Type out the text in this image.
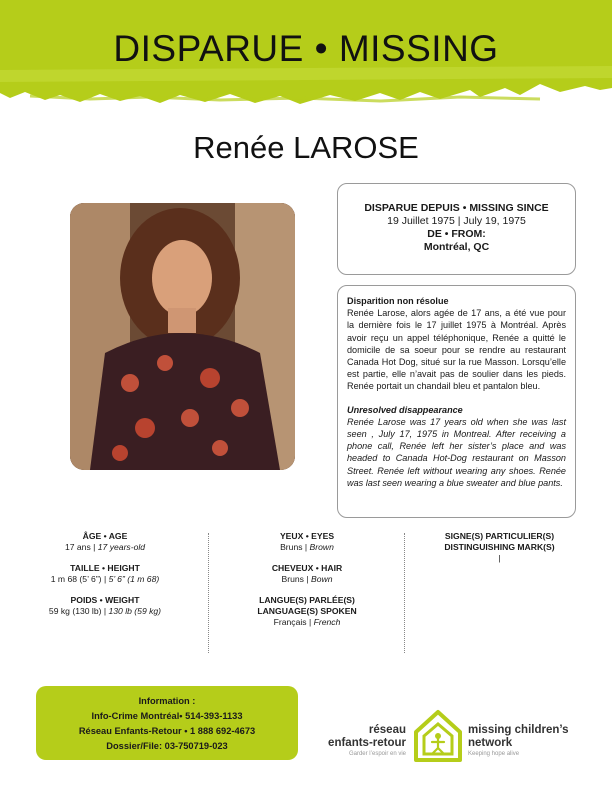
DISPARUE • MISSING
Renée LAROSE
DISPARUE DEPUIS • MISSING SINCE
19 Juillet 1975 | July 19, 1975
DE • FROM:
Montréal, QC

Disparition non résolue

Renée Larose, alors agée de 17 ans, a été vue pour la dernière fois le 17 juillet 1975 à Montréal. Après avoir reçu un appel téléphonique, Renée a quitté le domicile de sa soeur pour se rendre au restaurant Canada Hot Dog, situé sur la rue Masson. Lorsqu’elle est partie, elle n’avait pas de soulier dans les pieds. Renée portait un chandail bleu et pantalon bleu.

Unresolved disappearance

Renée Larose was 17 years old when she was last seen , July 17, 1975 in Montreal. After receiving a phone call, Renée left her sister’s place and was headed to Canada Hot-Dog restaurant on Masson Street. Renée left without wearing any shoes. Renée was last seen wearing a blue sweater and blue pants.

ÂGE • AGE
17 ans | 17 years-old
TAILLE • HEIGHT
1 m 68 (5’ 6”) | 5’ 6” (1 m 68)
POIDS • WEIGHT
59 kg (130 lb) | 130 lb (59 kg)
YEUX • EYES
Bruns | Brown
CHEVEUX • HAIR
Bruns | Bown
LANGUE(S) PARLÉE(S)
LANGUAGE(S) SPOKEN
Français | French
SIGNE(S) PARTICULIER(S)
DISTINGUISHING MARK(S)
|
Information :
Info-Crime Montréal• 514-393-1133
Réseau Enfants-Retour • 1 888 692-4673
Dossier/File: 03-750719-023
réseau
enfants-retour
Garder l’espoir en vie
missing children’s
network
Keeping hope alive
